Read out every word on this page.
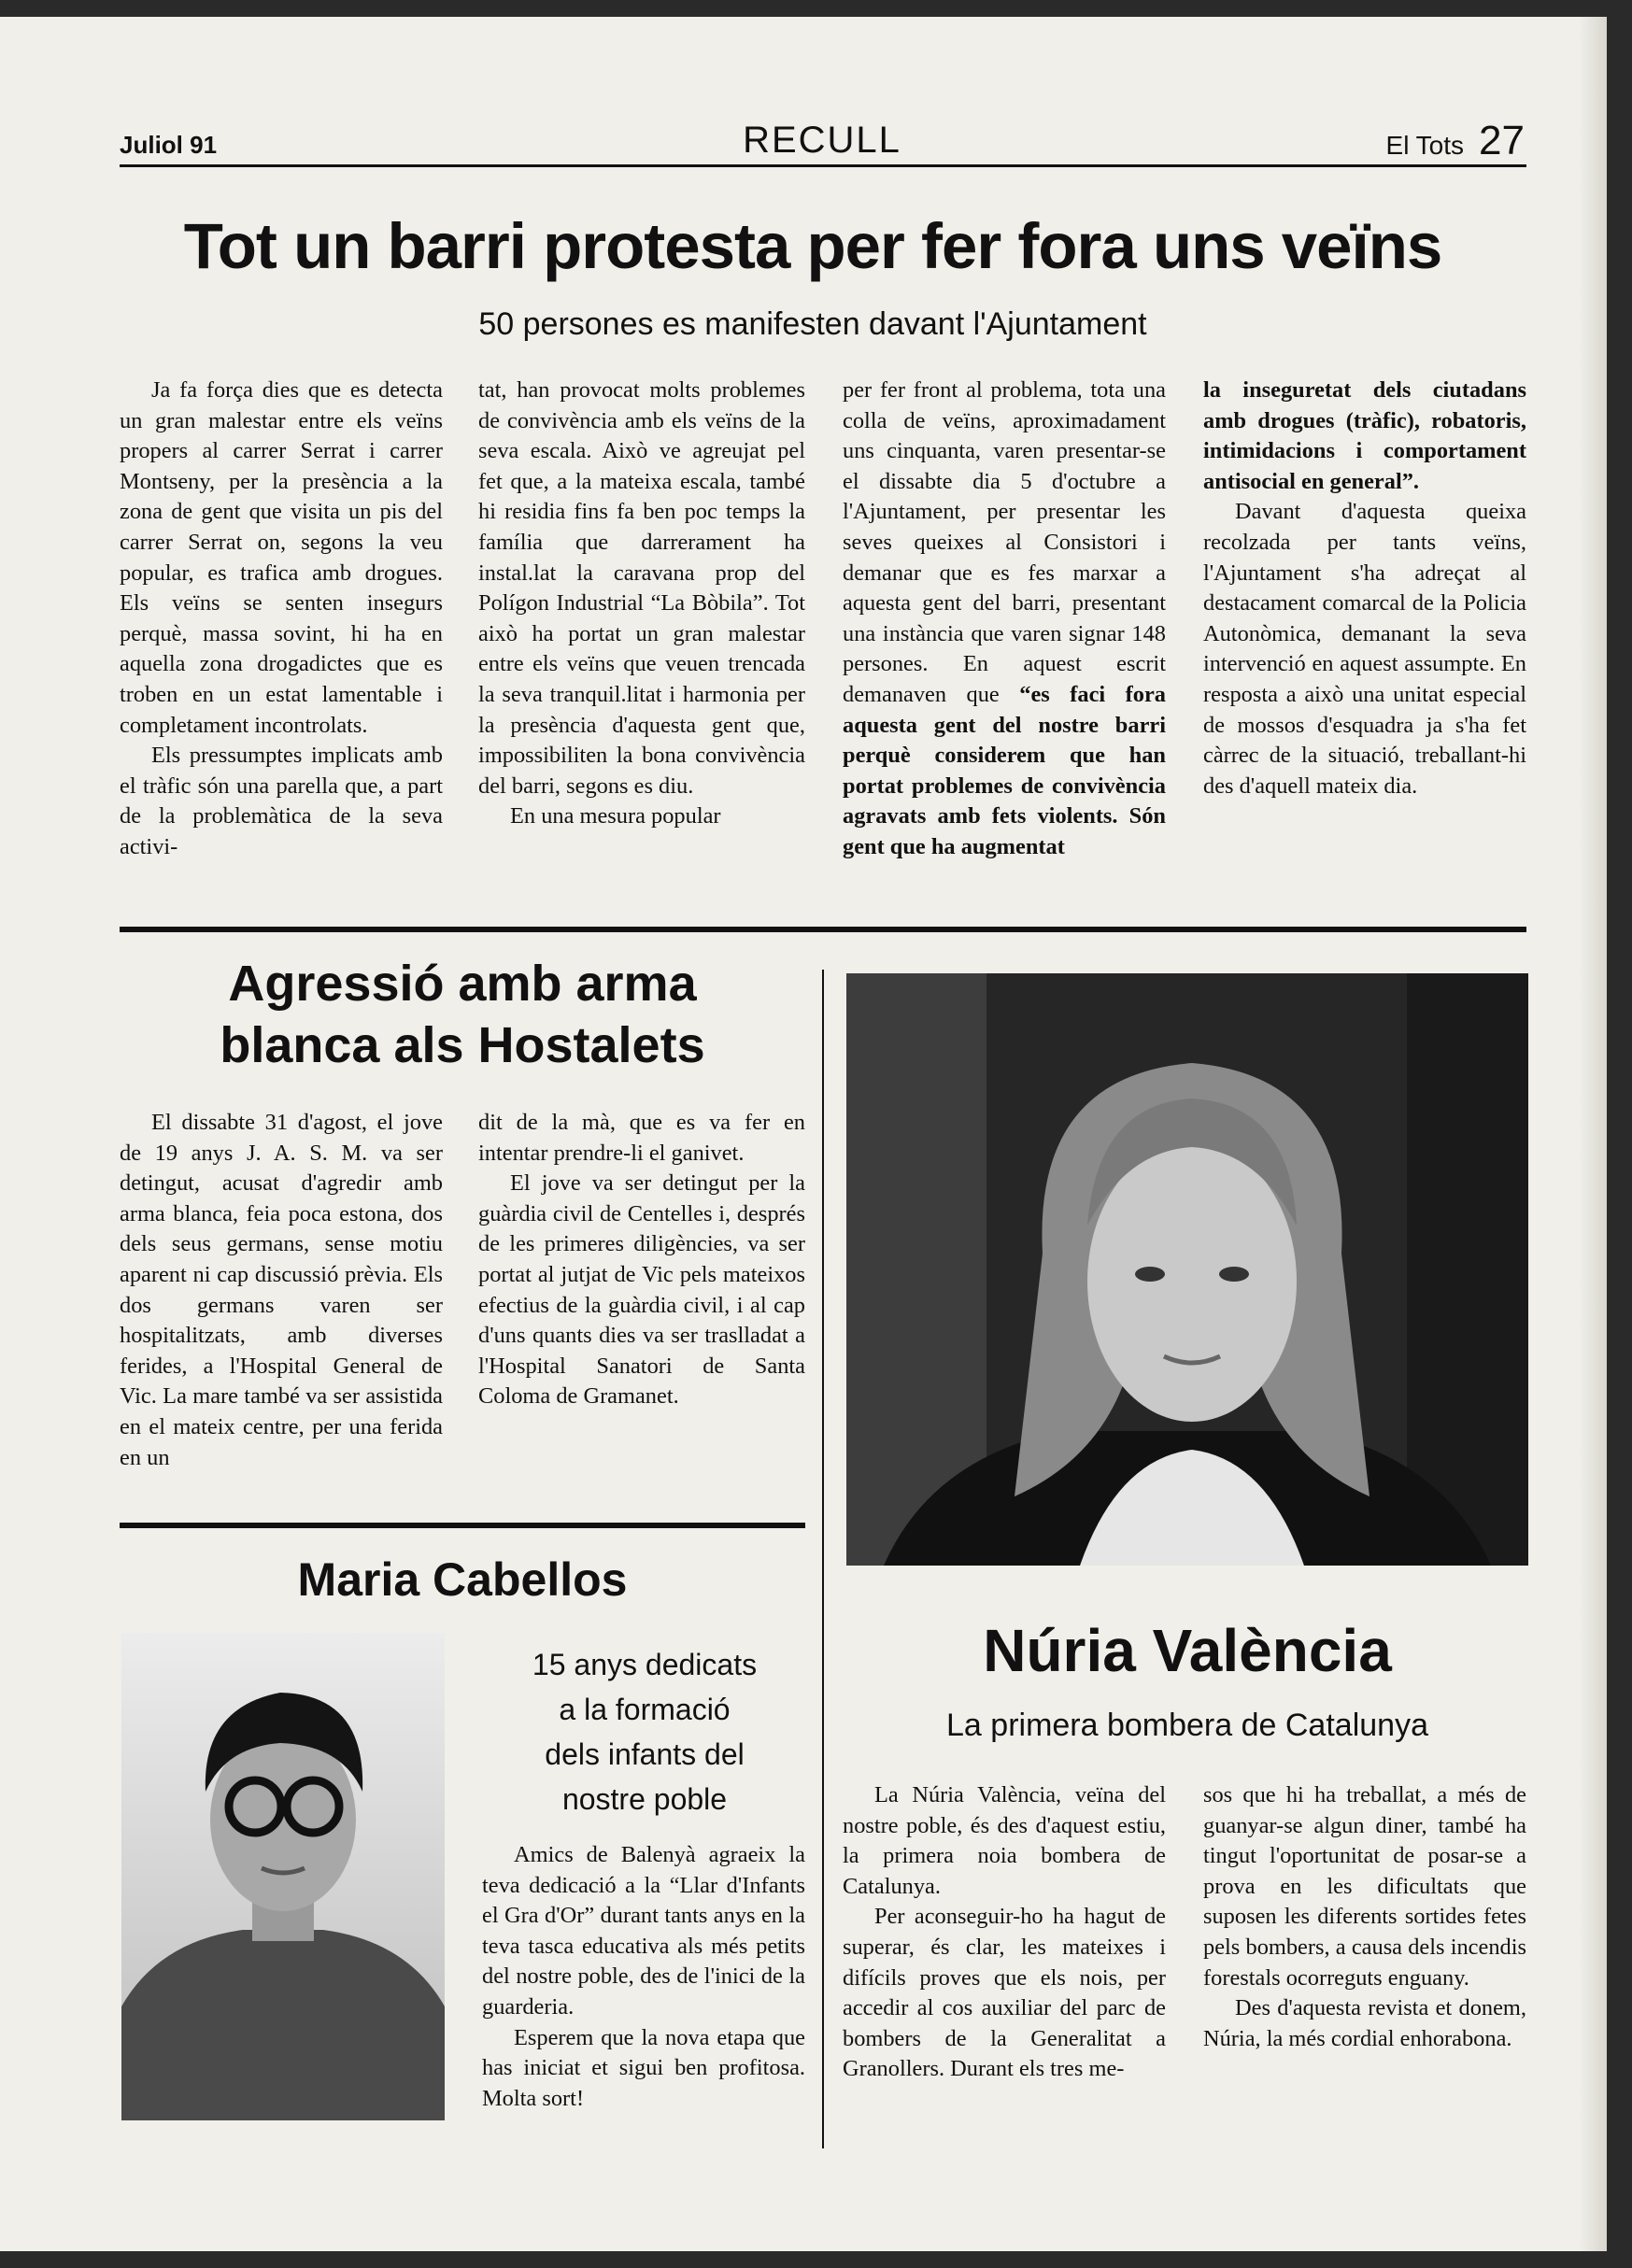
Juliol 91	RECULL	El Tots 27
Tot un barri protesta per fer fora uns veïns
50 persones es manifesten davant l'Ajuntament

Ja fa força dies que es detecta un gran malestar entre els veïns propers al carrer Serrat i carrer Montseny, per la presència a la zona de gent que visita un pis del carrer Serrat on, segons la veu popular, es trafica amb drogues. Els veïns se senten insegurs perquè, massa sovint, hi ha en aquella zona drogadictes que es troben en un estat lamentable i completament incontrolats.

Els pressumptes implicats amb el tràfic són una parella que, a part de la problemàtica de la seva activi-

tat, han provocat molts problemes de convivència amb els veïns de la seva escala. Això ve agreujat pel fet que, a la mateixa escala, també hi residia fins fa ben poc temps la família que darrerament ha instal.lat la caravana prop del Polígon Industrial “La Bòbila”. Tot això ha portat un gran malestar entre els veïns que veuen trencada la seva tranquil.litat i harmonia per la presència d'aquesta gent que, impossibiliten la bona convivència del barri, segons es diu.

En una mesura popular

per fer front al problema, tota una colla de veïns, aproximadament uns cinquanta, varen presentar-se el dissabte dia 5 d'octubre a l'Ajuntament, per presentar les seves queixes al Consistori i demanar que es fes marxar a aquesta gent del barri, presentant una instància que varen signar 148 persones. En aquest escrit demanaven que “es faci fora aquesta gent del nostre barri perquè considerem que han portat problemes de convivència agravats amb fets violents. Són gent que ha augmentat

la inseguretat dels ciutadans amb drogues (tràfic), robatoris, intimidacions i comportament antisocial en general”.

Davant d'aquesta queixa recolzada per tants veïns, l'Ajuntament s'ha adreçat al destacament comarcal de la Policia Autonòmica, demanant la seva intervenció en aquest assumpte. En resposta a això una unitat especial de mossos d'esquadra ja s'ha fet càrrec de la situació, treballant-hi des d'aquell mateix dia.

Agressió amb arma
blanca als Hostalets

El dissabte 31 d'agost, el jove de 19 anys J. A. S. M. va ser detingut, acusat d'agredir amb arma blanca, feia poca estona, dos dels seus germans, sense motiu aparent ni cap discussió prèvia. Els dos germans varen ser hospitalitzats, amb diverses ferides, a l'Hospital General de Vic. La mare també va ser assistida en el mateix centre, per una ferida en un

dit de la mà, que es va fer en intentar prendre-li el ganivet.

El jove va ser detingut per la guàrdia civil de Centelles i, després de les primeres diligències, va ser portat al jutjat de Vic pels mateixos efectius de la guàrdia civil, i al cap d'uns quants dies va ser traslladat a l'Hospital Sanatori de Santa Coloma de Gramanet.

Maria Cabellos
15 anys dedicats
a la formació
dels infants del
nostre poble

Amics de Balenyà agraeix la teva dedicació a la “Llar d'Infants el Gra d'Or” durant tants anys en la teva tasca educativa als més petits del nostre poble, des de l'inici de la guarderia.

Esperem que la nova etapa que has iniciat et sigui ben profitosa. Molta sort!

Núria València
La primera bombera de Catalunya

La Núria València, veïna del nostre poble, és des d'aquest estiu, la primera noia bombera de Catalunya.

Per aconseguir-ho ha hagut de superar, és clar, les mateixes i difícils proves que els nois, per accedir al cos auxiliar del parc de bombers de la Generalitat a Granollers. Durant els tres me-

sos que hi ha treballat, a més de guanyar-se algun diner, també ha tingut l'oportunitat de posar-se a prova en les dificultats que suposen les diferents sortides fetes pels bombers, a causa dels incendis forestals ocorreguts enguany.

Des d'aquesta revista et donem, Núria, la més cordial enhorabona.
